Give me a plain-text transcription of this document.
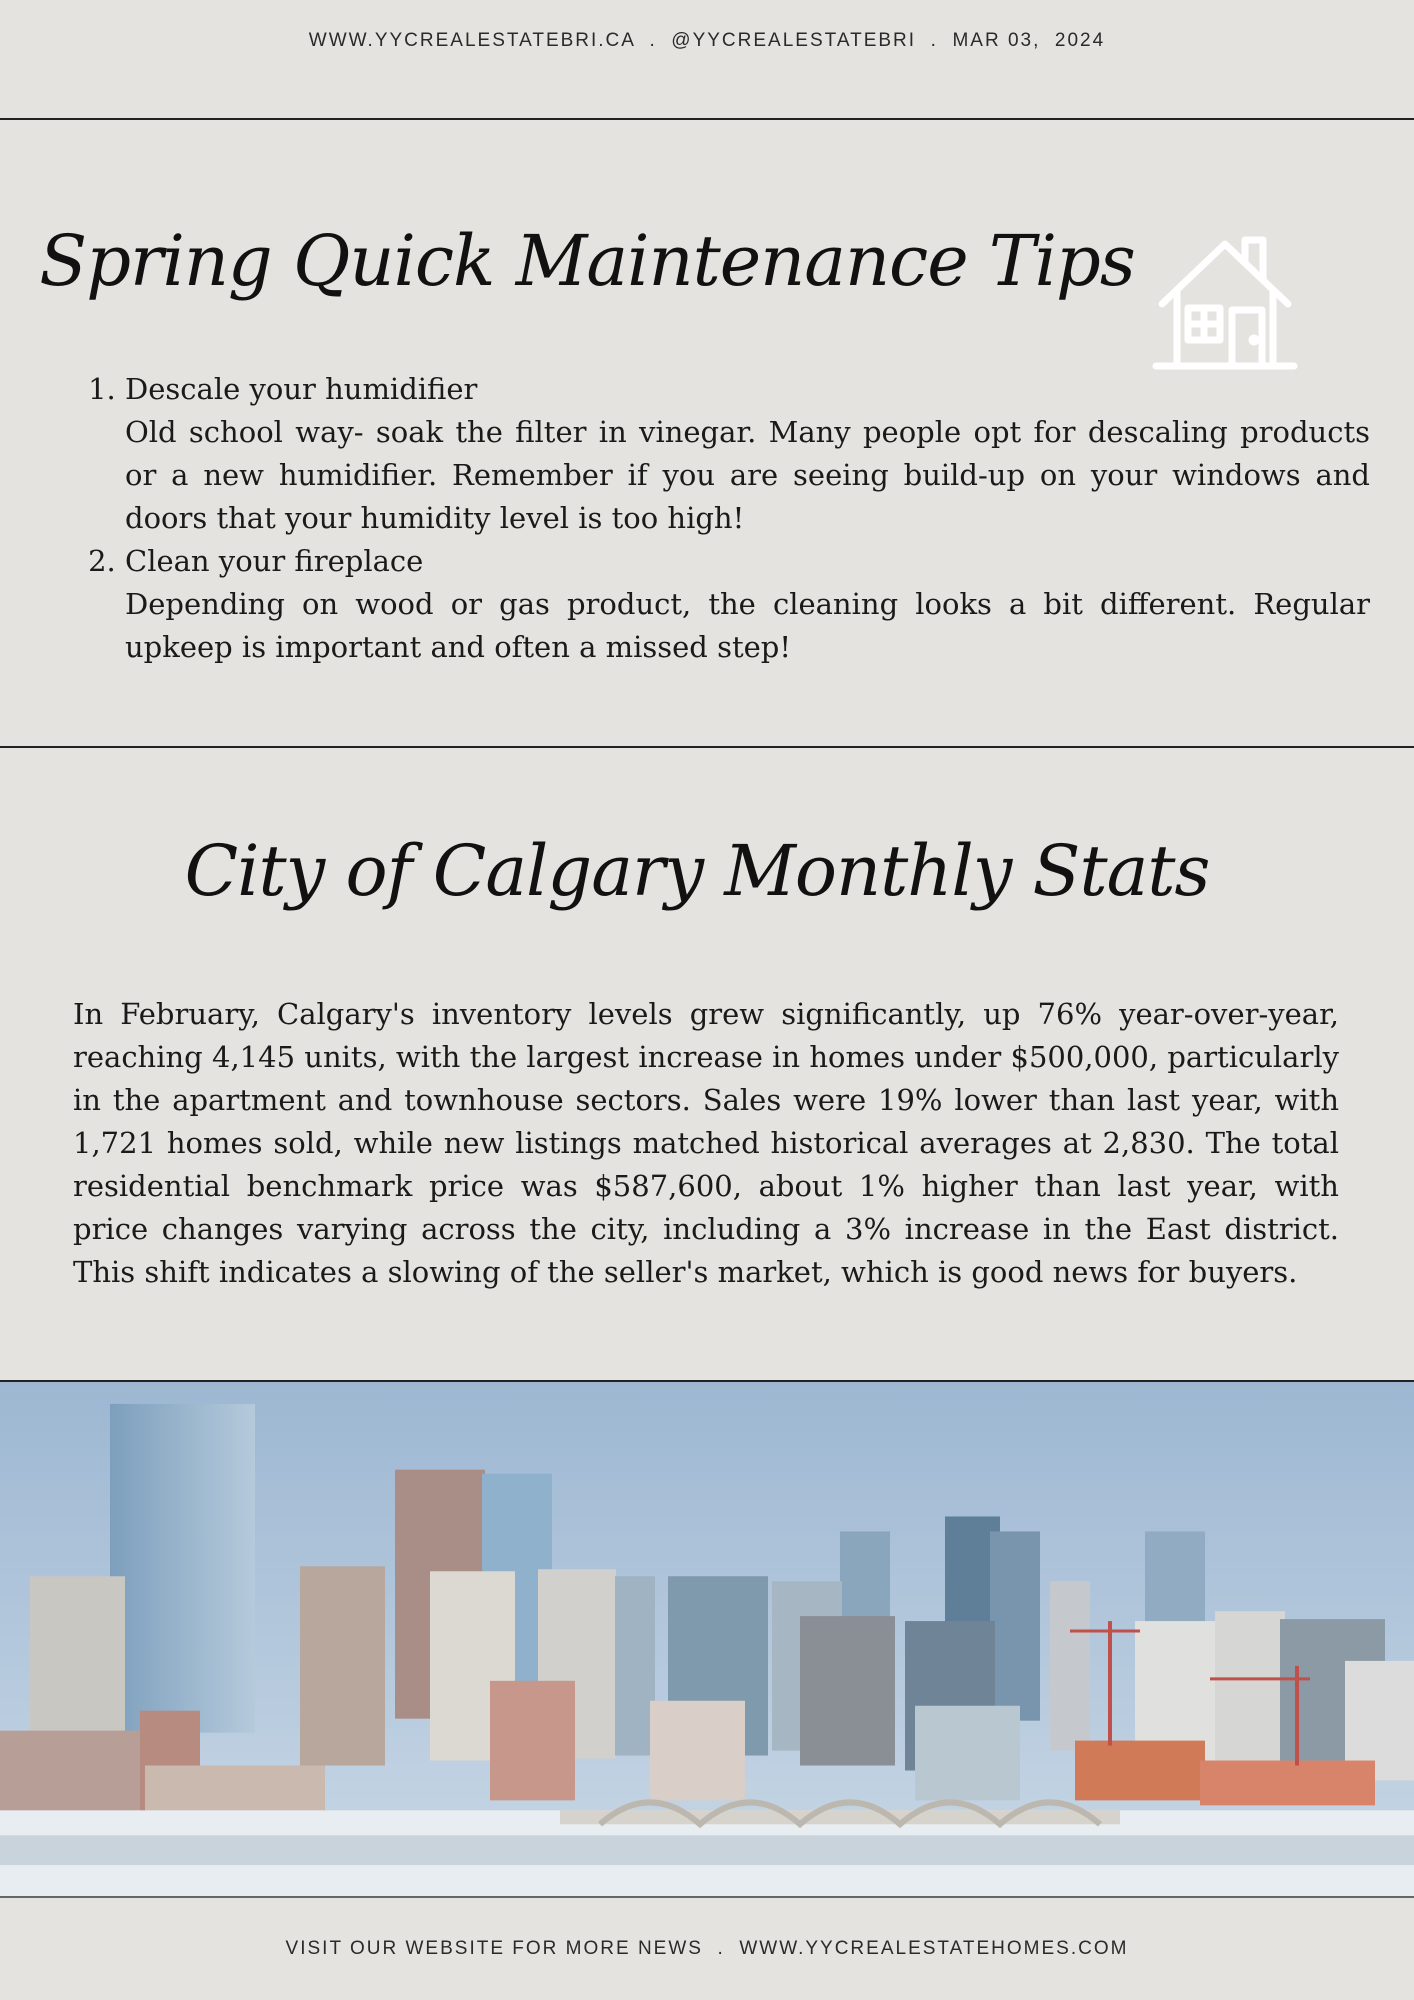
WWW.YYCREALESTATEBRI.CA  .  @YYCREALESTATEBRI  .  MAR 03,  2024
Spring Quick Maintenance Tips
1. Descale your humidifier
Old school way- soak the filter in vinegar. Many people opt for descaling products or a new humidifier. Remember if you are seeing build-up on your windows and doors that your humidity level is too high!
2. Clean your fireplace
Depending on wood or gas product, the cleaning looks a bit different. Regular upkeep is important and often a missed step!
City of Calgary Monthly Stats

In February, Calgary's inventory levels grew significantly, up 76% year-over-year, reaching 4,145 units, with the largest increase in homes under $500,000, particularly in the apartment and townhouse sectors. Sales were 19% lower than last year, with 1,721 homes sold, while new listings matched historical averages at 2,830. The total residential benchmark price was $587,600, about 1% higher than last year, with price changes varying across the city, including a 3% increase in the East district. This shift indicates a slowing of the seller's market, which is good news for buyers.

VISIT OUR WEBSITE FOR MORE NEWS  .  WWW.YYCREALESTATEHOMES.COM
